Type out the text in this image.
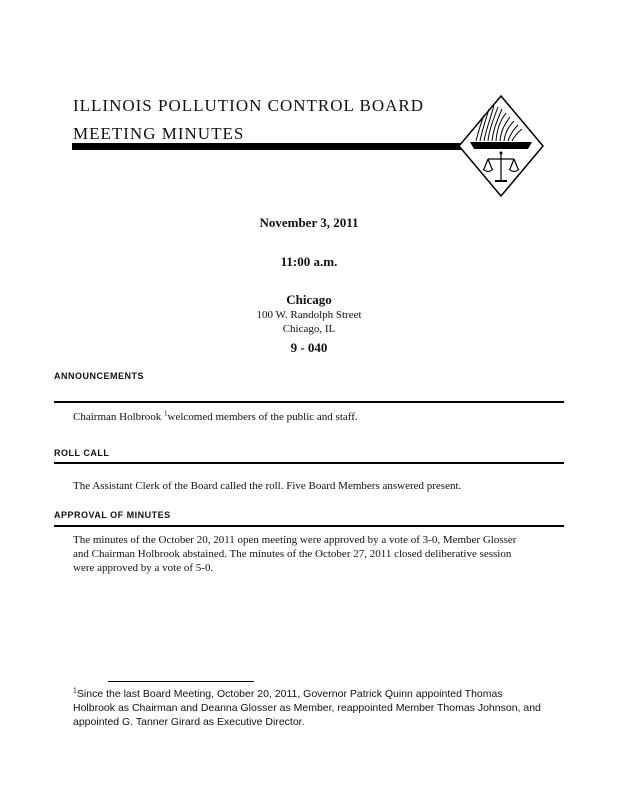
ILLINOIS POLLUTION CONTROL BOARD
MEETING MINUTES
November 3, 2011
11:00 a.m.
Chicago
100 W. Randolph Street
Chicago, IL
9 - 040
ANNOUNCEMENTS

Chairman Holbrook $^1$welcomed members of the public and staff.

ROLL CALL

The Assistant Clerk of the Board called the roll. Five Board Members answered present.

APPROVAL OF MINUTES

The minutes of the October 20, 2011 open meeting were approved by a vote of 3-0, Member Glosser and Chairman Holbrook abstained. The minutes of the October 27, 2011 closed deliberative session were approved by a vote of 5-0.

$^1$Since the last Board Meeting, October 20, 2011, Governor Patrick Quinn appointed Thomas Holbrook as Chairman and Deanna Glosser as Member, reappointed Member Thomas Johnson, and appointed G. Tanner Girard as Executive Director.
